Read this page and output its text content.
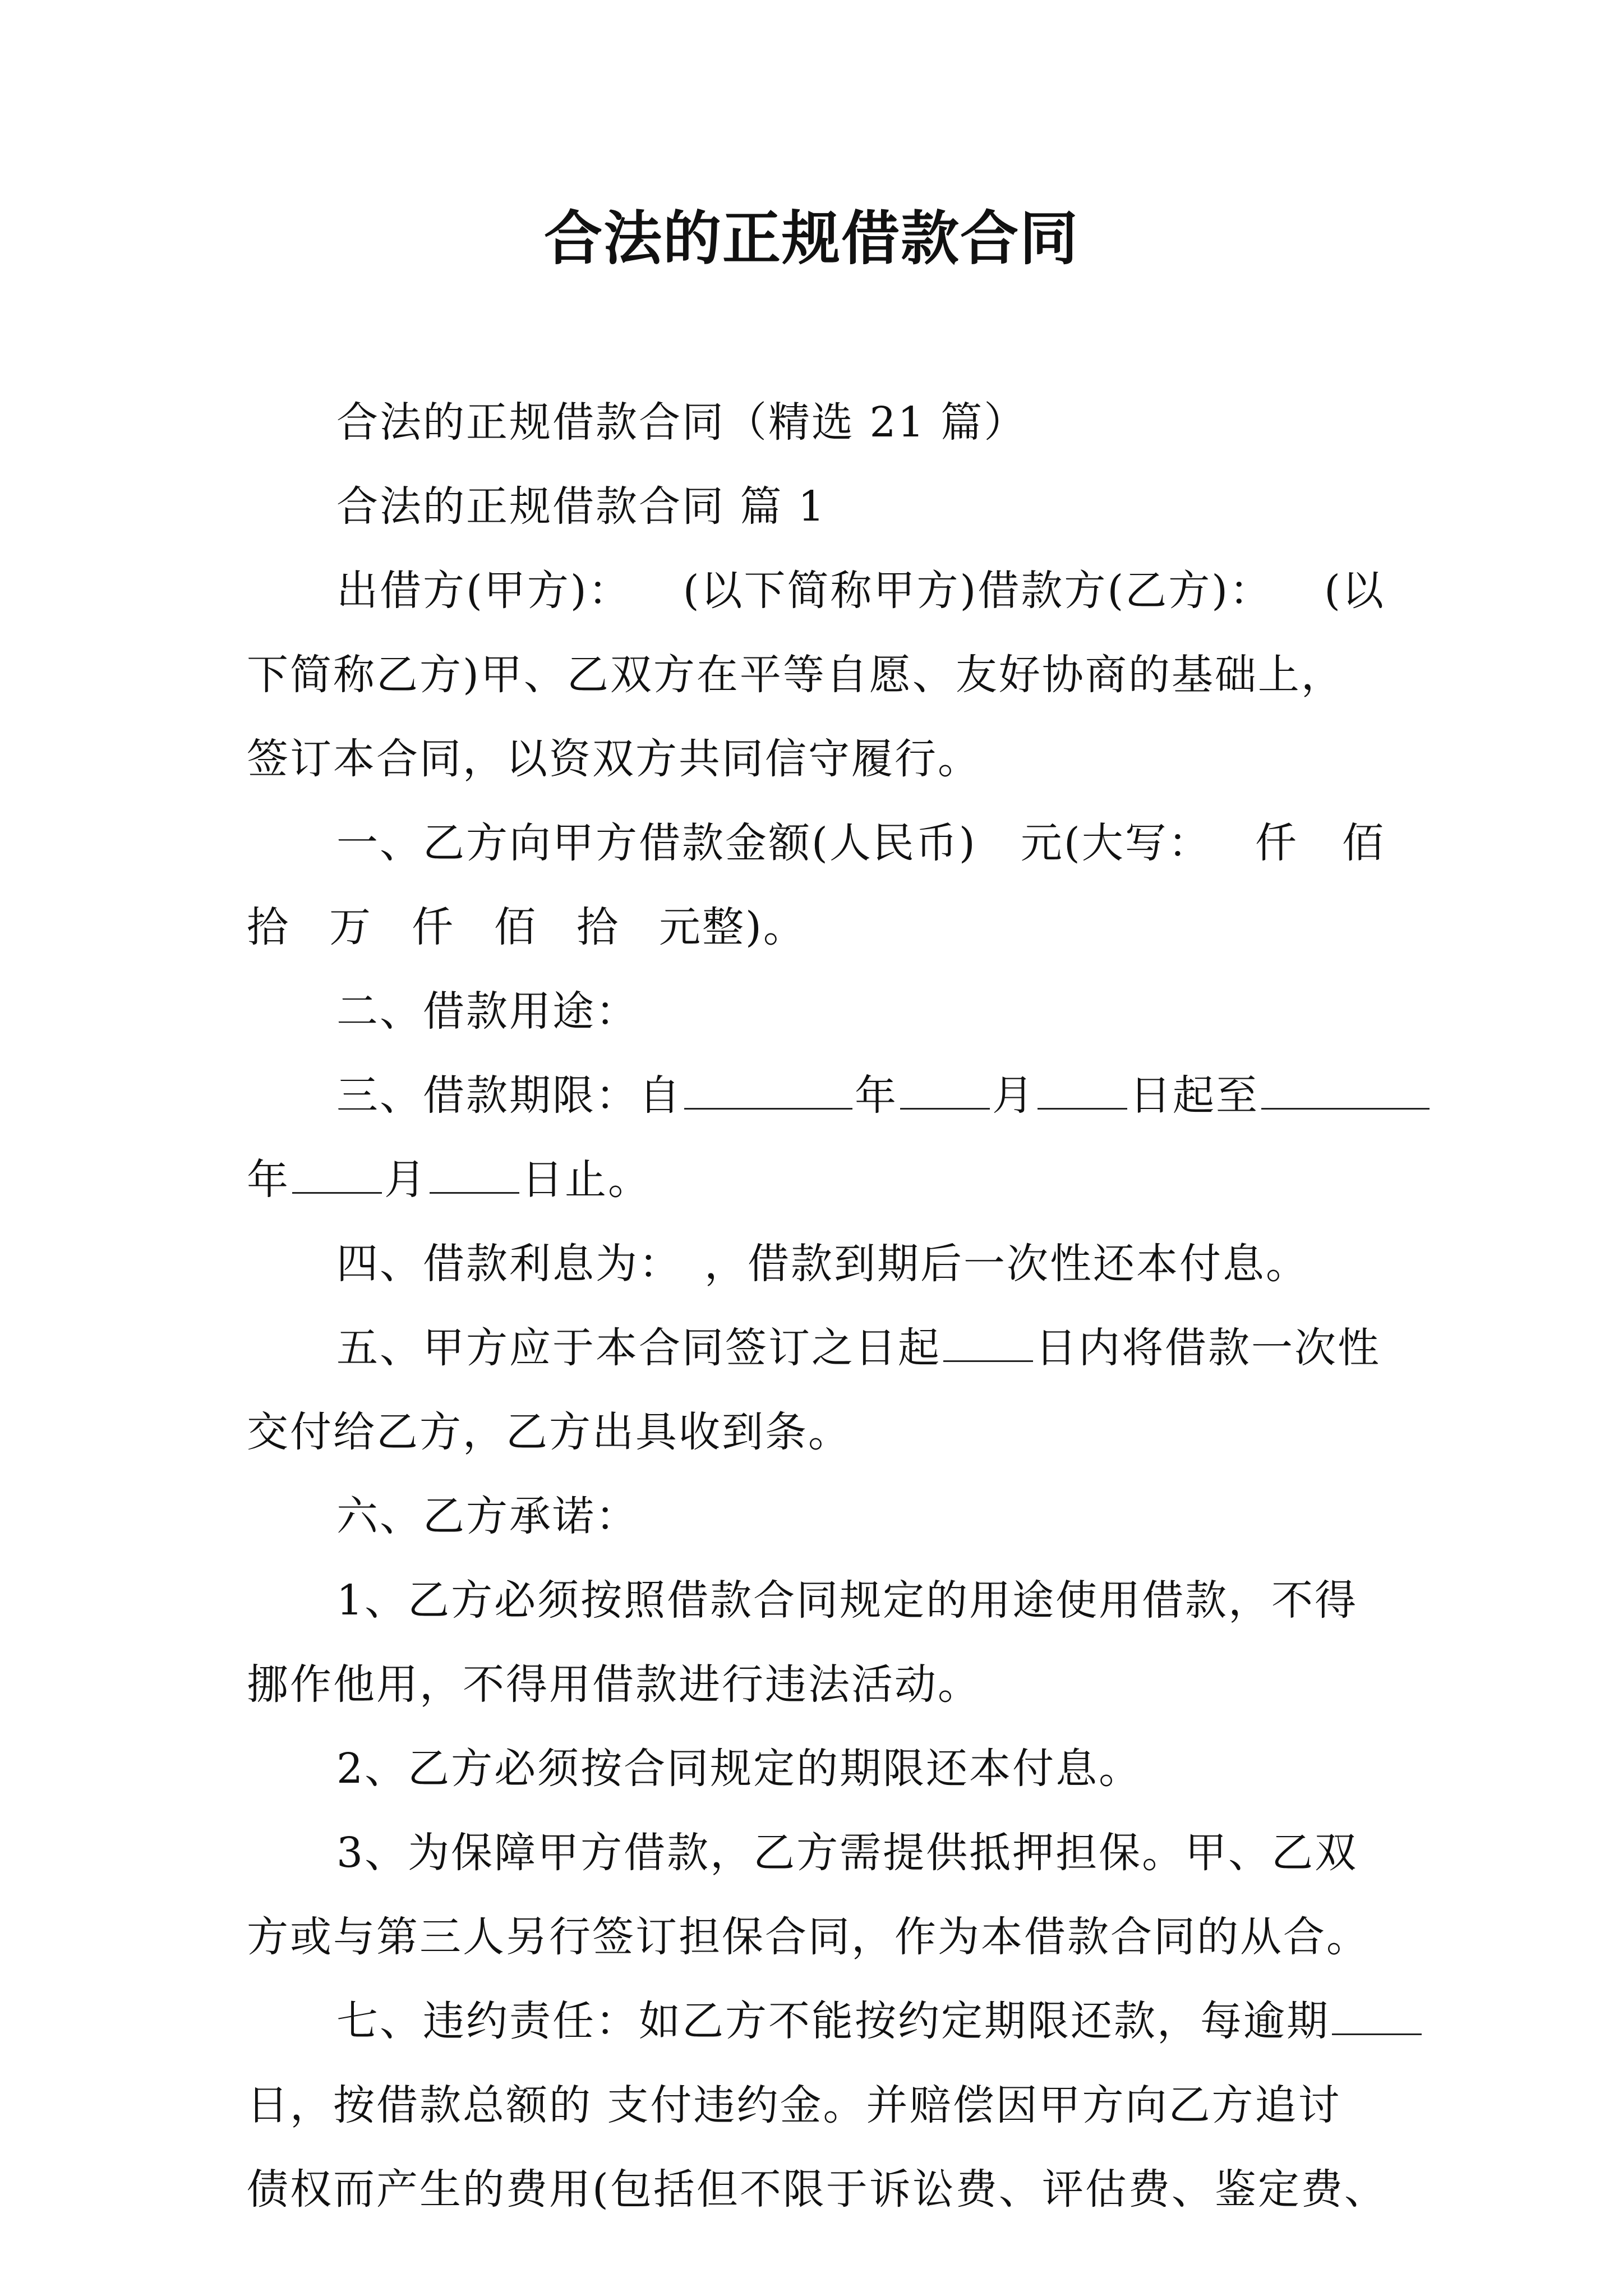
合法的正规借款合同
合法的正规借款合同（精选 21 篇）
合法的正规借款合同 篇 1
出借方(甲方)： (以下简称甲方)借款方(乙方)： (以
下简称乙方)甲、乙双方在平等自愿、友好协商的基础上，
签订本合同，以资双方共同信守履行。
一、乙方向甲方借款金额(人民币) 元(大写： 仟 佰
拾 万 仟 佰 拾 元整)。
二、借款用途：
三、借款期限：自	年 月 日起至
年 月 日止。
四、借款利息为： ，借款到期后一次性还本付息。
五、甲方应于本合同签订之日起 日内将借款一次性
交付给乙方，乙方出具收到条。
六、乙方承诺：
1、乙方必须按照借款合同规定的用途使用借款，不得
挪作他用，不得用借款进行违法活动。
2、乙方必须按合同规定的期限还本付息。
3、为保障甲方借款，乙方需提供抵押担保。甲、乙双
方或与第三人另行签订担保合同，作为本借款合同的从合。
七、违约责任：如乙方不能按约定期限还款，每逾期
日，按借款总额的 支付违约金。并赔偿因甲方向乙方追讨
债权而产生的费用(包括但不限于诉讼费、评估费、鉴定费、
